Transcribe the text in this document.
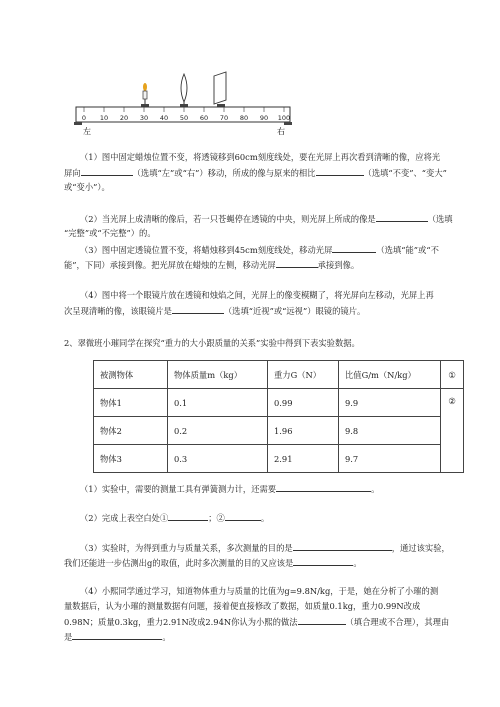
0 10 20 30 40 50 60 70 80 90 100
左	右

（1）图中固定蜡烛位置不变，将透镜移到60cm刻度线处，要在光屏上再次看到清晰的像，应将光

屏向	（选填“左”或“右”）移动，所成的像与原来的相比	（选填“不变”、“变大”

或“变小”）。

（2）当光屏上成清晰的像后，若一只苍蝇停在透镜的中央，则光屏上所成的像是	（选填

“完整”或“不完整”）的。

（3）图中固定透镜位置不变，将蜡烛移到45cm刻度线处，移动光屏	（选填“能”或“不

能”，下同）承接到像。把光屏放在蜡烛的左侧，移动光屏	承接到像。

（4）图中将一个眼镜片放在透镜和烛焰之间，光屏上的像变模糊了，将光屏向左移动，光屏上再

次呈现清晰的像，该眼镜片是	（选填“近视”或“远视”）眼镜的镜片。

2、翠微班小璀同学在探究“重力的大小跟质量的关系”实验中得到下表实验数据。

被测物体	物体质量m（kg）	重力G（N）	比值G/m（N/kg）	①
物体1	0.1	0.99	9.9	②
物体2	0.2	1.96	9.8	
物体3	0.3	2.91	9.7	

（1）实验中，需要的测量工具有弹簧测力计，还需要	。

（2）完成上表空白处①	；②	。

（3）实验时，为得到重力与质量关系，多次测量的目的是	，通过该实验，

我们还能进一步估测出g的取值，此时多次测量的目的又应该是	。

（4）小熙同学通过学习，知道物体重力与质量的比值为g=9.8N/kg，于是，她在分析了小璀的测

量数据后，认为小璀的测量数据有问题，接着便直接修改了数据，如质量0.1kg，重力0.99N改成

0.98N；质量0.3kg，重力2.91N改成2.94N你认为小熙的做法	（填合理或不合理），其理由

是	。
